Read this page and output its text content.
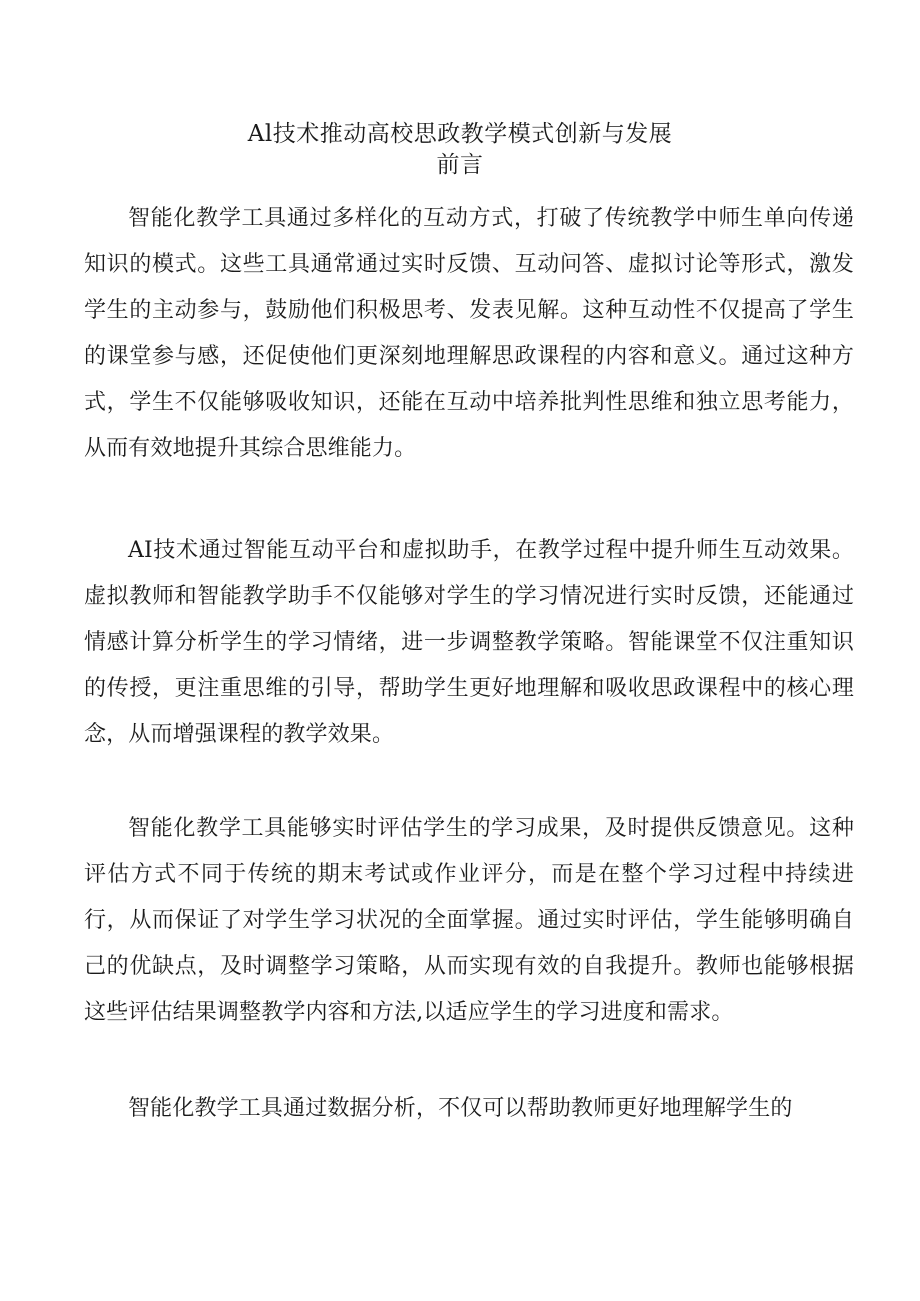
Al技术推动高校思政教学模式创新与发展
前言

智能化教学工具通过多样化的互动方式，打破了传统教学中师生单向传递知识的模式。这些工具通常通过实时反馈、互动问答、虚拟讨论等形式，激发学生的主动参与，鼓励他们积极思考、发表见解。这种互动性不仅提高了学生的课堂参与感，还促使他们更深刻地理解思政课程的内容和意义。通过这种方式，学生不仅能够吸收知识，还能在互动中培养批判性思维和独立思考能力，从而有效地提升其综合思维能力。

AI技术通过智能互动平台和虚拟助手，在教学过程中提升师生互动效果。虚拟教师和智能教学助手不仅能够对学生的学习情况进行实时反馈，还能通过情感计算分析学生的学习情绪，进一步调整教学策略。智能课堂不仅注重知识的传授，更注重思维的引导，帮助学生更好地理解和吸收思政课程中的核心理念，从而增强课程的教学效果。

智能化教学工具能够实时评估学生的学习成果，及时提供反馈意见。这种评估方式不同于传统的期末考试或作业评分，而是在整个学习过程中持续进行，从而保证了对学生学习状况的全面掌握。通过实时评估，学生能够明确自己的优缺点，及时调整学习策略，从而实现有效的自我提升。教师也能够根据这些评估结果调整教学内容和方法,以适应学生的学习进度和需求。

智能化教学工具通过数据分析，不仅可以帮助教师更好地理解学生的
